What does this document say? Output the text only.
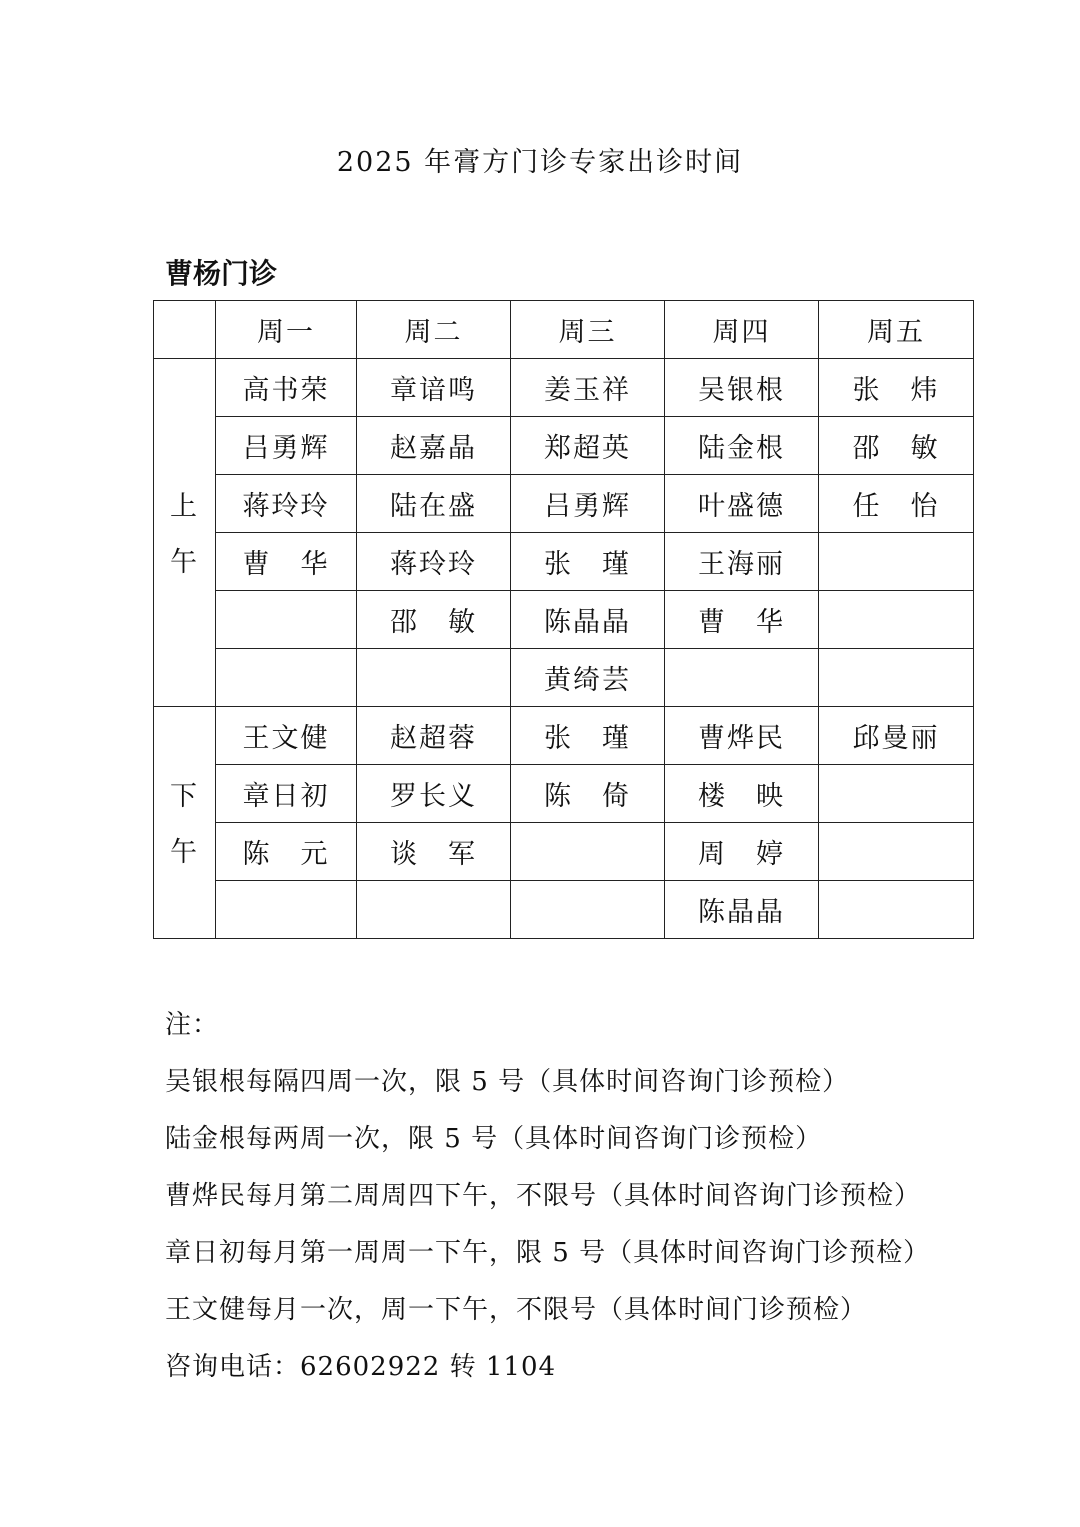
2025 年膏方门诊专家出诊时间
曹杨门诊
	周一	周二	周三	周四	周五
上
午	高书荣	章谙鸣	姜玉祥	吴银根	张　炜
	吕勇辉	赵嘉晶	郑超英	陆金根	邵　敏
	蒋玲玲	陆在盛	吕勇辉	叶盛德	任　怡
	曹　华	蒋玲玲	张　瑾	王海丽	
		邵　敏	陈晶晶	曹　华	
			黄绮芸		
下
午	王文健	赵超蓉	张　瑾	曹烨民	邱曼丽
	章日初	罗长义	陈　倚	楼　映	
	陈　元	谈　军		周　婷	
				陈晶晶	
注：
吴银根每隔四周一次，限 5 号（具体时间咨询门诊预检）
陆金根每两周一次，限 5 号（具体时间咨询门诊预检）
曹烨民每月第二周周四下午，不限号（具体时间咨询门诊预检）
章日初每月第一周周一下午，限 5 号（具体时间咨询门诊预检）
王文健每月一次，周一下午，不限号（具体时间门诊预检）
咨询电话：62602922 转 1104
